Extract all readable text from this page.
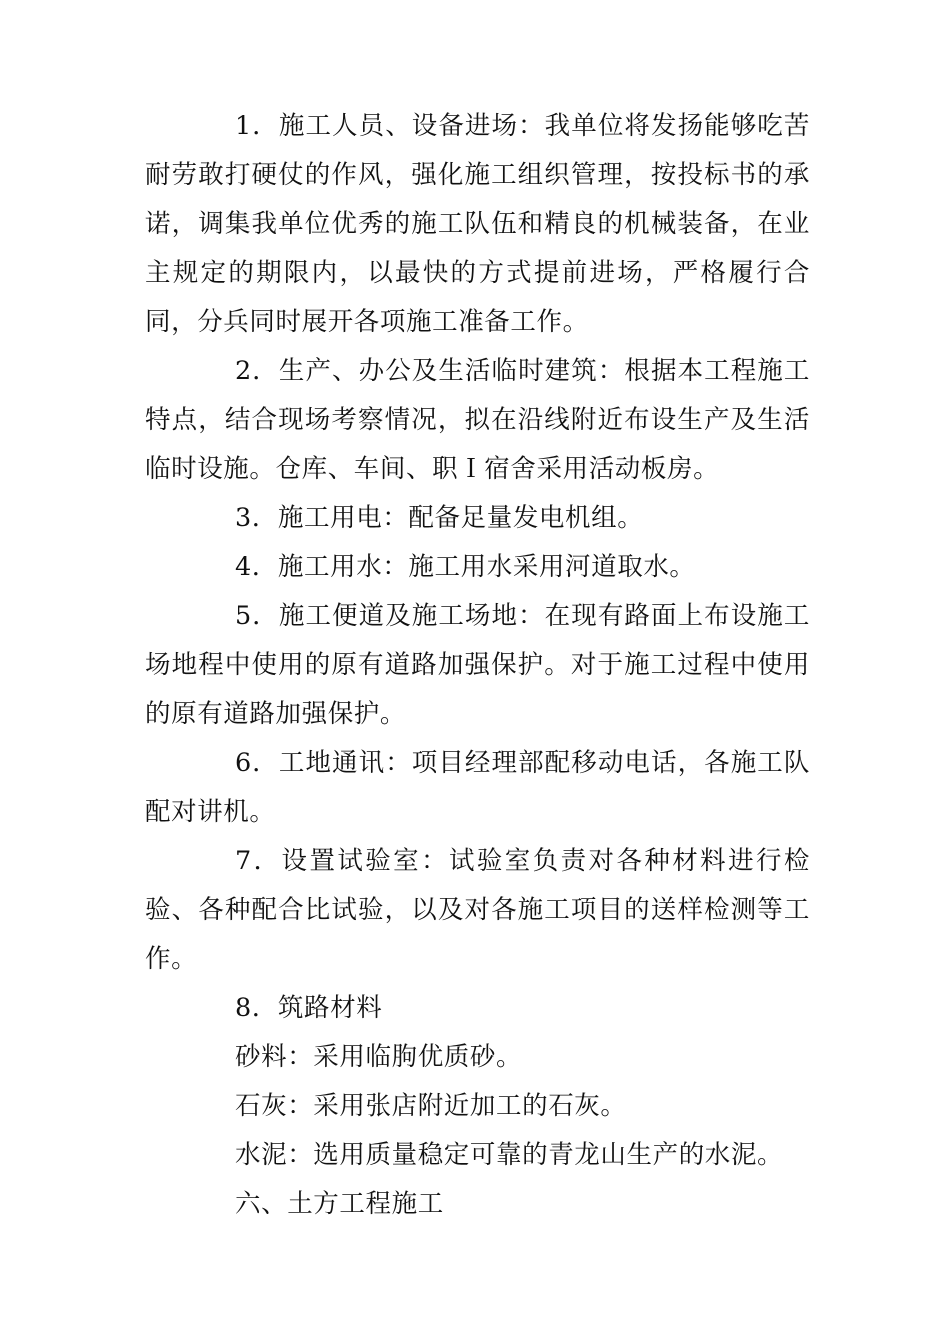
1．施工人员、设备进场：我单位将发扬能够吃苦耐劳敢打硬仗的作风，强化施工组织管理，按投标书的承诺，调集我单位优秀的施工队伍和精良的机械装备，在业主规定的期限内，以最快的方式提前进场，严格履行合同，分兵同时展开各项施工准备工作。

2．生产、办公及生活临时建筑：根据本工程施工特点，结合现场考察情况，拟在沿线附近布设生产及生活临时设施。仓库、车间、职Ｉ宿舍采用活动板房。

3．施工用电：配备足量发电机组。

4．施工用水：施工用水采用河道取水。

5．施工便道及施工场地：在现有路面上布设施工场地程中使用的原有道路加强保护。对于施工过程中使用的原有道路加强保护。

6．工地通讯：项目经理部配移动电话，各施工队配对讲机。

7．设置试验室：试验室负责对各种材料进行检验、各种配合比试验，以及对各施工项目的送样检测等工作。

8．筑路材料

砂料：采用临朐优质砂。

石灰：采用张店附近加工的石灰。

水泥：选用质量稳定可靠的青龙山生产的水泥。

六、土方工程施工
